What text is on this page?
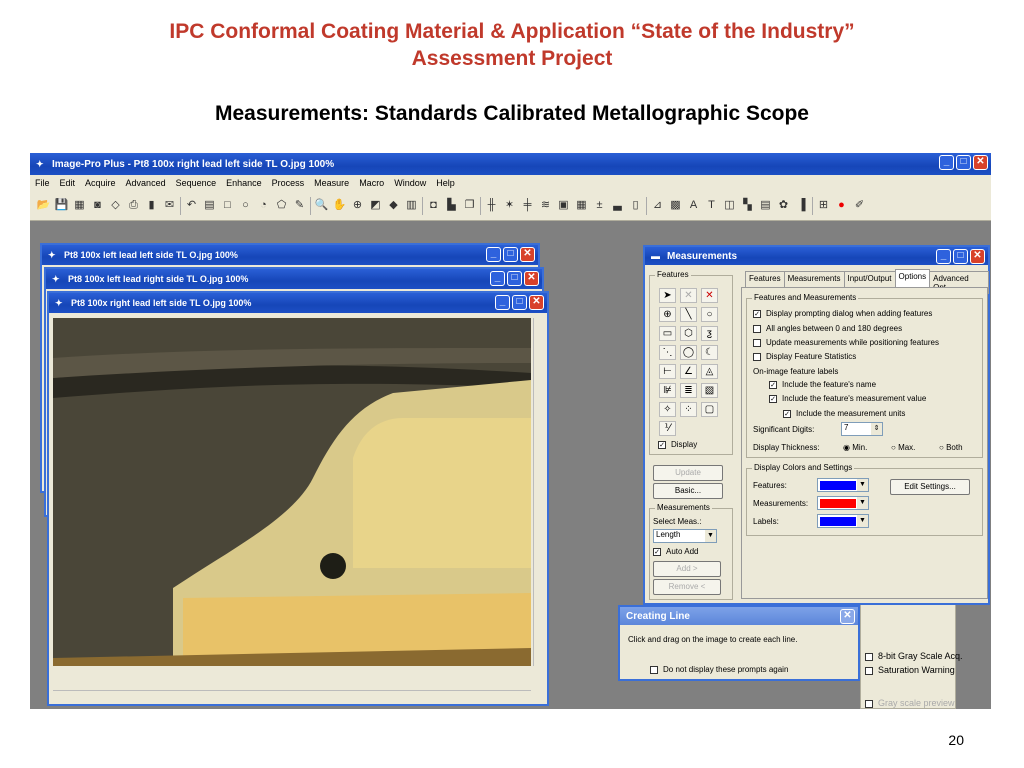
IPC Conformal Coating Material & Application “State of the Industry”
Assessment Project
Measurements: Standards Calibrated Metallographic Scope
✦ Image-Pro Plus - Pt8 100x right lead left side TL O.jpg 100%	_	□ ✕
File Edit Acquire Advanced Sequence Enhance Process Measure Macro Window Help
📂 💾 ▦ ◙ ◇ ⎙ ▮ ✉ ↶ ▤ □	○	◔ ⬠ ✎ 🔍 ✋ ⊕ ◩ ◆ ▥	◘ ▙ ❐	╫ ✶ ╪ ≋ ▣ ▦ ± ▃ ▯	⊿ ▩ A T ◫ ▚ ▤ ✿ ▐	⊞ ● ✐
✦ Pt8 100x left lead left side TL O.jpg 100%	_	□ ✕
✦ Pt8 100x left lead right side TL O.jpg 100%	_	□ ✕
✦ Pt8 100x right lead left side TL O.jpg 100%	_	□ ✕
8-bit Gray Scale Acq.
Saturation Warning
Gray scale preview
▬ Measurements	_	□ ✕
Features
➤	✕	✕
⊕	╲	○
▭	⬡	ƺ
⋱	◯	☾
⊢	∠	◬
⊯	≣	▧
✧	⁘	▢
⅟
✓ Display
Update
Basic...
Measurements
Select Meas.:
Length	▼
✓ Auto Add
Add >
Remove <
Features Measurements Input/Output Options Advanced
Features and Measurements
✓ Display prompting dialog when adding features
All angles between 0 and 180 degrees
Update measurements while positioning features
Display Feature Statistics
On-image feature labels
✓ Include the feature's name
✓ Include the feature's measurement value
✓ Include the measurement units
Significant Digits:	7	⇕
Display Thickness:	◉ Min.	○ Max.	○ Both
Display Colors and Settings
Features:	▼
Measurements:	▼
Labels:	▼
Edit Settings...
Creating Line	✕
Click and drag on the image to create each line.
Do not display these prompts again
20
